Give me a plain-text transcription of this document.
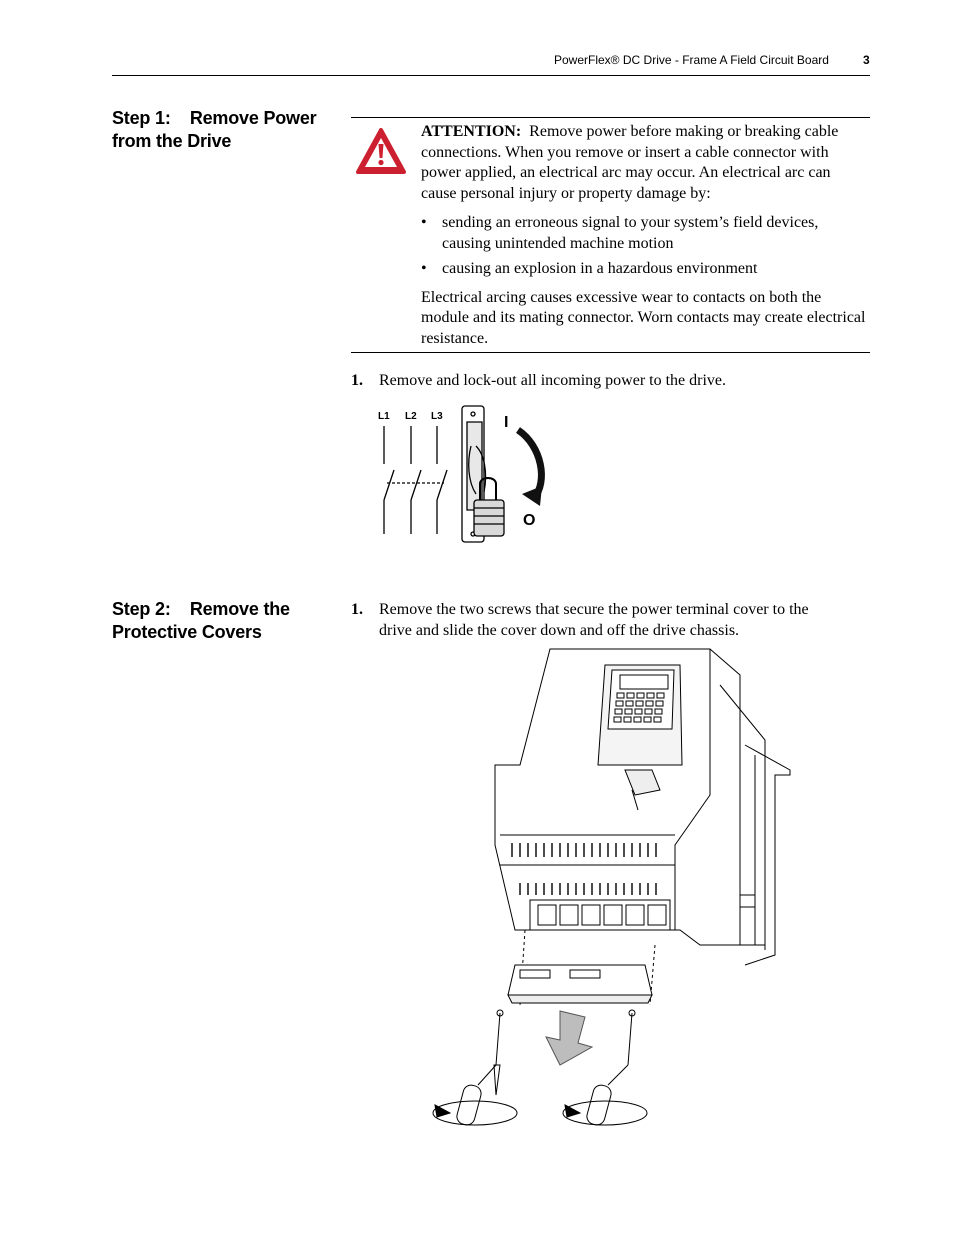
PowerFlex® DC Drive - Frame A Field Circuit Board	3
Step 1:    Remove Power
from the Drive	ATTENTION: Remove power before making or breaking cable connections. When you remove or insert a cable connector with power applied, an electrical arc may occur. An electrical arc can cause personal injury or property damage by:
• sending an erroneous signal to your system’s field devices, causing unintended machine motion
• causing an explosion in a hazardous environment
Electrical arcing causes excessive wear to contacts on both the module and its mating connector. Worn contacts may create electrical resistance.
1.	Remove and lock-out all incoming power to the drive.
L1 L2 L3	I
O
Step 2:    Remove the
Protective Covers
1.	Remove the two screws that secure the power terminal cover to the drive and slide the cover down and off the drive chassis.
